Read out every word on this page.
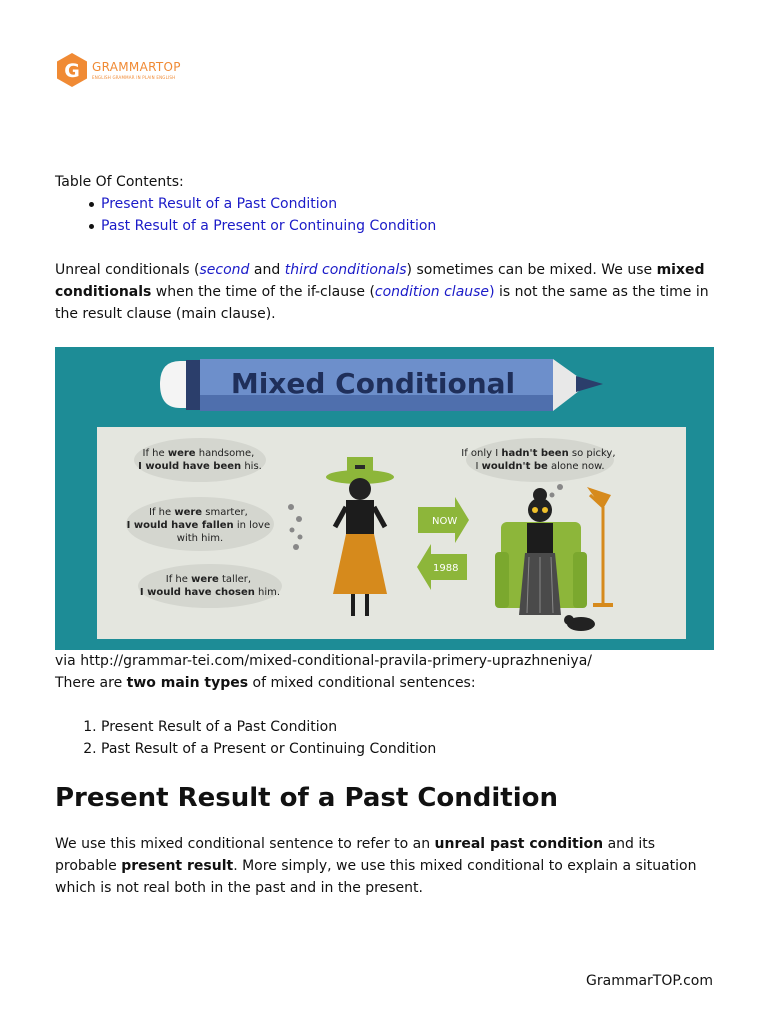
G GRAMMARTOP
ENGLISH GRAMMAR IN PLAIN ENGLISH
Table Of Contents:
Present Result of a Past Condition
Past Result of a Present or Continuing Condition
Unreal conditionals (second and third conditionals) sometimes can be mixed. We use mixed conditionals when the time of the if-clause (condition clause) is not the same as the time in the result clause (main clause).
Mixed Conditional
If he were handsome, I would have been his.
If he were smarter, I would have fallen in love with him.
If he were taller, I would have chosen him.
NOW
1988
If only I hadn't been so picky, I wouldn't be alone now.
via http://grammar-tei.com/mixed-conditional-pravila-primery-uprazhneniya/
There are two main types of mixed conditional sentences:
1. Present Result of a Past Condition
2. Past Result of a Present or Continuing Condition
Present Result of a Past Condition
We use this mixed conditional sentence to refer to an unreal past condition and its probable present result. More simply, we use this mixed conditional to explain a situation which is not real both in the past and in the present.
GrammarTOP.com
